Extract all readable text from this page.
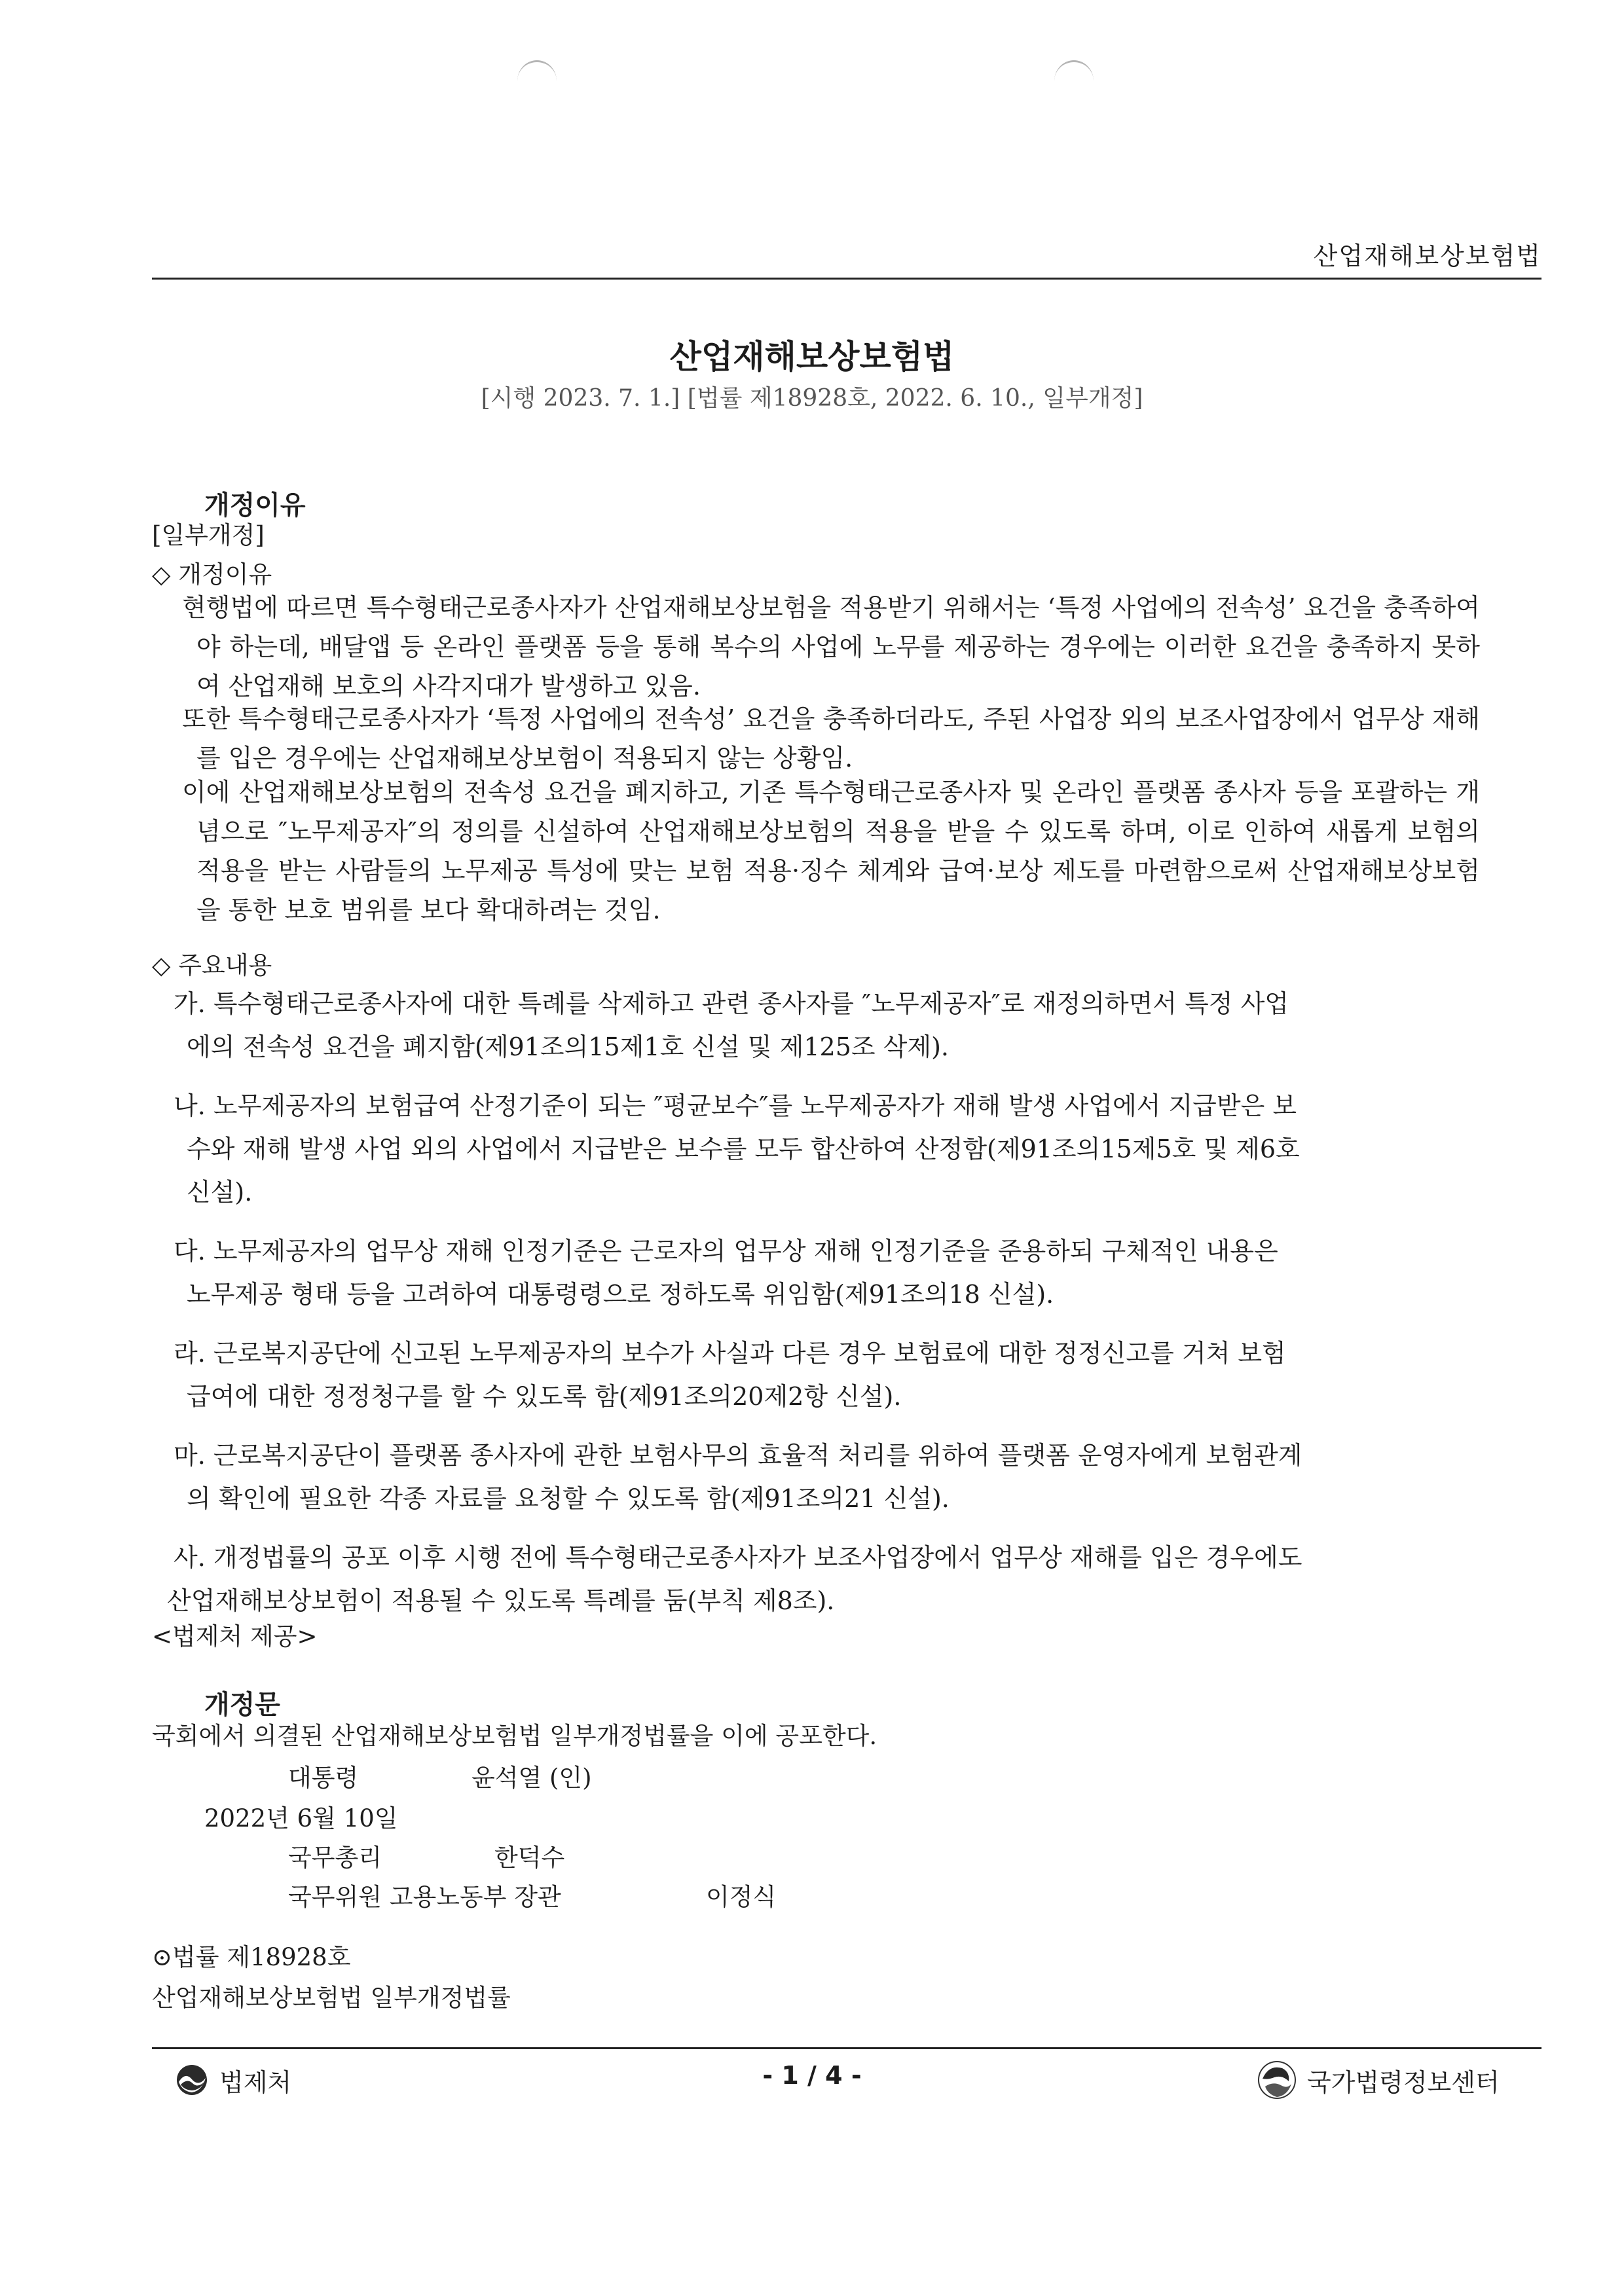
산업재해보상보험법
산업재해보상보험법
[시행 2023. 7. 1.] [법률 제18928호, 2022. 6. 10., 일부개정]
개정이유
[일부개정]
◇ 개정이유
현행법에 따르면 특수형태근로종사자가 산업재해보상보험을 적용받기 위해서는 ‘특정 사업에의 전속성’ 요건을 충족하여야 하는데, 배달앱 등 온라인 플랫폼 등을 통해 복수의 사업에 노무를 제공하는 경우에는 이러한 요건을 충족하지 못하여 산업재해 보호의 사각지대가 발생하고 있음.
또한 특수형태근로종사자가 ‘특정 사업에의 전속성’ 요건을 충족하더라도, 주된 사업장 외의 보조사업장에서 업무상 재해를 입은 경우에는 산업재해보상보험이 적용되지 않는 상황임.
이에 산업재해보상보험의 전속성 요건을 폐지하고, 기존 특수형태근로종사자 및 온라인 플랫폼 종사자 등을 포괄하는 개념으로 ″노무제공자″의 정의를 신설하여 산업재해보상보험의 적용을 받을 수 있도록 하며, 이로 인하여 새롭게 보험의 적용을 받는 사람들의 노무제공 특성에 맞는 보험 적용·징수 체계와 급여·보상 제도를 마련함으로써 산업재해보상보험을 통한 보호 범위를 보다 확대하려는 것임.
◇ 주요내용
가. 특수형태근로종사자에 대한 특례를 삭제하고 관련 종사자를 ″노무제공자″로 재정의하면서 특정 사업
에의 전속성 요건을 폐지함(제91조의15제1호 신설 및 제125조 삭제).
나. 노무제공자의 보험급여 산정기준이 되는 ″평균보수″를 노무제공자가 재해 발생 사업에서 지급받은 보
수와 재해 발생 사업 외의 사업에서 지급받은 보수를 모두 합산하여 산정함(제91조의15제5호 및 제6호
신설).
다. 노무제공자의 업무상 재해 인정기준은 근로자의 업무상 재해 인정기준을 준용하되 구체적인 내용은
노무제공 형태 등을 고려하여 대통령령으로 정하도록 위임함(제91조의18 신설).
라. 근로복지공단에 신고된 노무제공자의 보수가 사실과 다른 경우 보험료에 대한 정정신고를 거쳐 보험
급여에 대한 정정청구를 할 수 있도록 함(제91조의20제2항 신설).
마. 근로복지공단이 플랫폼 종사자에 관한 보험사무의 효율적 처리를 위하여 플랫폼 운영자에게 보험관계
의 확인에 필요한 각종 자료를 요청할 수 있도록 함(제91조의21 신설).
사. 개정법률의 공포 이후 시행 전에 특수형태근로종사자가 보조사업장에서 업무상 재해를 입은 경우에도
산업재해보상보험이 적용될 수 있도록 특례를 둠(부칙 제8조).
<법제처 제공>
개정문
국회에서 의결된 산업재해보상보험법 일부개정법률을 이에 공포한다.
대통령	윤석열 (인)
2022년 6월 10일
국무총리	한덕수
국무위원 고용노동부 장관	이정식
⊙법률 제18928호
산업재해보상보험법 일부개정법률
법제처	- 1 / 4 -	국가법령정보센터
